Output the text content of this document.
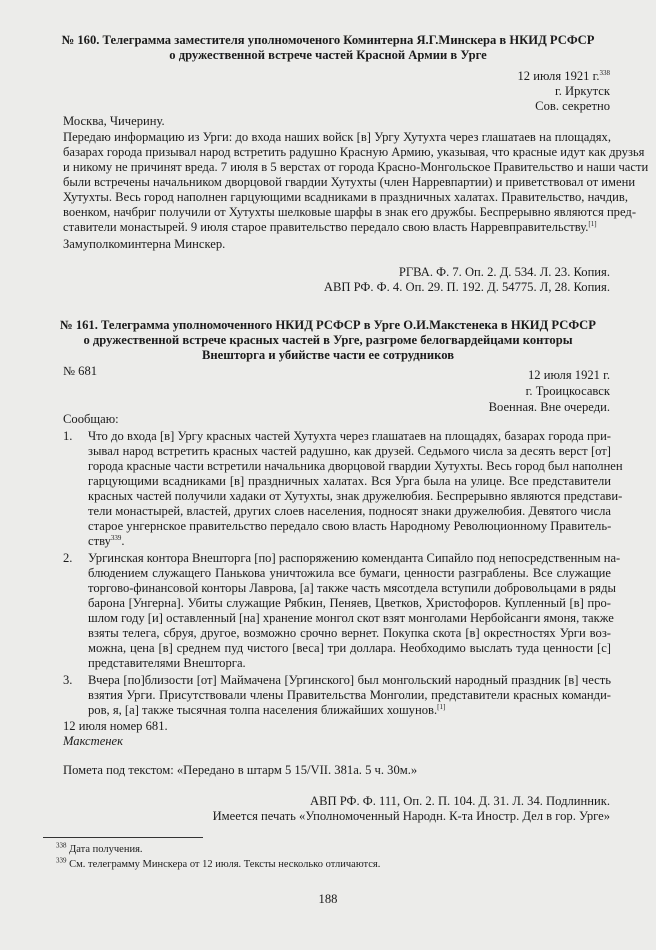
№ 160. Телеграмма заместителя уполномоченого Коминтерна Я.Г.Минскера в НКИД РСФСР
о дружественной встрече частей Красной Армии в Урге
12 июля 1921 г.$^{338}$
г. Иркутск
Сов. секретно
Москва, Чичерину.
Передаю информацию из Урги: до входа наших войск [в] Ургу Хутухта через глашатаев на площадях,
базарах города призывал народ встретить радушно Красную Армию, указывая, что красные идут как друзья
и никому не причинят вреда. 7 июля в 5 верстах от города Красно-Монгольское Правительство и наши части
были встречены начальником дворцовой гвардии Хутухты (член Нарревпартии) и приветствовал от имени
Хутухты. Весь город наполнен гарцующими всадниками в праздничных халатах. Правительство, начдив,
военком, начбриг получили от Хутухты шелковые шарфы в знак его дружбы. Беспрерывно являются пред-
ставители монастырей. 9 июля старое правительство передало свою власть Нарревправительству.[1]
Замуполкоминтерна Минскер.
РГВА. Ф. 7. Оп. 2. Д. 534. Л. 23. Копия.
АВП РФ. Ф. 4. Оп. 29. П. 192. Д. 54775. Л, 28. Копия.
№ 161. Телеграмма уполномоченного НКИД РСФСР в Урге О.И.Макстенека в НКИД РСФСР
о дружественной встрече красных частей в Урге, разгроме белогвардейцами конторы
Внешторга и убийстве части ее сотрудников
№ 681	12 июля 1921 г.
г. Троицкосавск
Военная. Вне очереди.
Сообщаю:
1. Что до входа [в] Ургу красных частей Хутухта через глашатаев на площадях, базарах города при-
зывал народ встретить красных частей радушно, как друзей. Седьмого числа за десять верст [от]
города красные части встретили начальника дворцовой гвардии Хутухты. Весь город был наполнен
гарцующими всадниками [в] праздничных халатах. Вся Урга была на улице. Все представители
красных частей получили хадаки от Хутухты, знак дружелюбия. Беспрерывно являются представи-
тели монастырей, властей, других слоев населения, подносят знаки дружелюбия. Девятого числа
старое унгернское правительство передало свою власть Народному Революционному Правитель-
ству$^{339}$.
2. Ургинская контора Внешторга [по] распоряжению коменданта Сипайло под непосредственным на-
блюдением служащего Панькова уничтожила все бумаги, ценности разграблены. Все служащие
торгово-финансовой конторы Лаврова, [а] также часть мясотдела вступили добровольцами в ряды
барона [Унгерна]. Убиты служащие Рябкин, Пеняев, Цветков, Христофоров. Купленный [в] про-
шлом году [и] оставленный [на] хранение монгол скот взят монголами Нербойсанги ямоня, также
взяты телега, сбруя, другое, возможно срочно вернет. Покупка скота [в] окрестностях Урги воз-
можна, цена [в] среднем пуд чистого [веса] три доллара. Необходимо выслать туда ценности [с]
представителями Внешторга.
3. Вчера [по]близости [от] Маймачена [Ургинского] был монгольский народный праздник [в] честь
взятия Урги. Присутствовали члены Правительства Монголии, представители красных команди-
ров, я, [а] также тысячная толпа населения ближайших хошунов.[1]
12 июля номер 681.
Макстенек
Помета под текстом: «Передано в штарм 5 15/VII. 381а. 5 ч. 30м.»
АВП РФ. Ф. 111, Оп. 2. П. 104. Д. 31. Л. 34. Подлинник.
Имеется печать «Уполномоченный Народн. К-та Иностр. Дел в гор. Урге»
$^{338}$ Дата получения.
$^{339}$ См. телеграмму Минскера от 12 июля. Тексты несколько отличаются.
188
